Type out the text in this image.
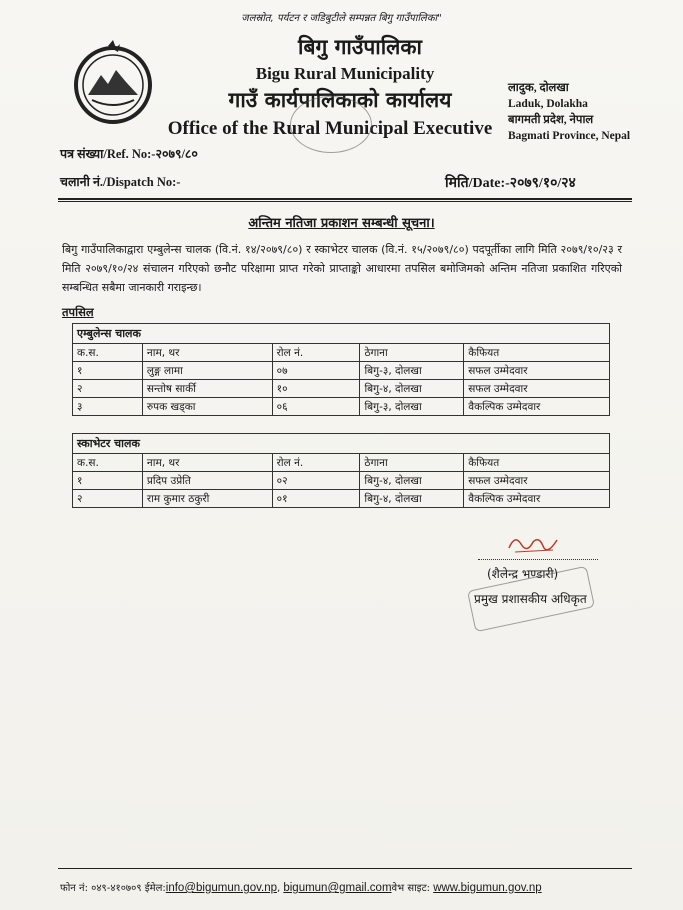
जलस्रोत, पर्यटन र जडिबुटीले सम्पन्नत बिगु गाउँपालिका"
बिगु गाउँपालिका
Bigu Rural Municipality
गाउँ कार्यपालिकाको कार्यालय
Office of the Rural Municipal Executive
लादुक, दोलखा
Laduk, Dolakha
बागमती प्रदेश, नेपाल
Bagmati Province, Nepal
पत्र संख्या/Ref. No:-२०७९/८०
चलानी नं./Dispatch No:-	मिति/Date:-२०७९/१०/२४
अन्तिम नतिजा प्रकाशन सम्बन्धी सूचना।
बिगु गाउँपालिकाद्वारा एम्बुलेन्स चालक (वि.नं. १४/२०७९/८०) र स्काभेटर चालक (वि.नं. १५/२०७९/८०) पदपूर्तीका लागि मिति २०७९/१०/२३ र मिति २०७९/१०/२४ संचालन गरिएको छनौट परिक्षामा प्राप्त गरेको प्राप्ताङ्को आधारमा तपसिल बमोजिमको अन्तिम नतिजा प्रकाशित गरिएको सम्बन्धित सबैमा जानकारी गराइन्छ।
तपसिल
एम्बुलेन्स चालक
क.स.	नाम, थर	रोल नं.	ठेगाना	कैफियत
१	लुङ्ग लामा	०७	बिगु-३, दोलखा	सफल उम्मेदवार
२	सन्तोष सार्की	१०	बिगु-४, दोलखा	सफल उम्मेदवार
३	रुपक खड्का	०६	बिगु-३, दोलखा	वैकल्पिक उम्मेदवार
स्काभेटर चालक
क.स.	नाम, थर	रोल नं.	ठेगाना	कैफियत
१	प्रदिप उप्रेति	०२	बिगु-४, दोलखा	सफल उम्मेदवार
२	राम कुमार ठकुरी	०१	बिगु-४, दोलखा	वैकल्पिक उम्मेदवार
(शैलेन्द्र भण्डारी)
प्रमुख प्रशासकीय अधिकृत
फोन नं: ०४९-४१०७०९ ईमेल:info@bigumun.gov.np, bigumun@gmail.comवेभ साइट: www.bigumun.gov.np
